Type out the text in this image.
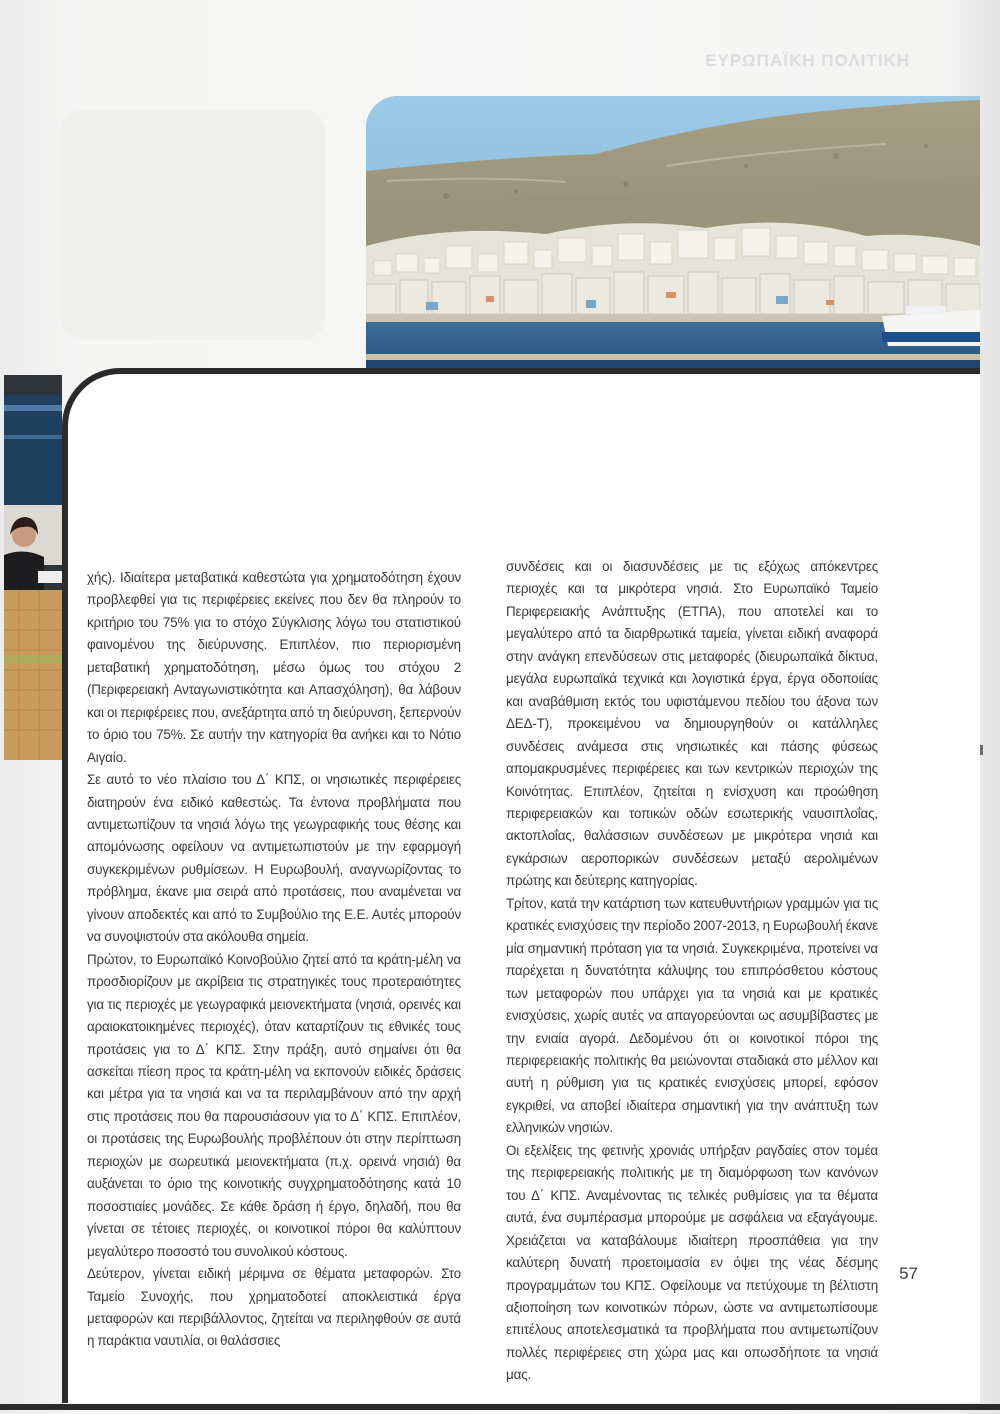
ΕΥΡΩΠΑΪΚΗ ΠΟΛΙΤΙΚΗ

χής). Ιδιαίτερα μεταβατικά καθεστώτα για χρηματοδότηση έχουν προβλεφθεί για τις περιφέρειες εκείνες που δεν θα πληρούν το κριτήριο του 75% για το στόχο Σύγκλισης λόγω του στατιστικού φαινομένου της διεύρυνσης. Επιπλέον, πιο περιορισμένη μεταβατική χρηματοδότηση, μέσω όμως του στόχου 2 (Περιφερειακή Ανταγωνιστικότητα και Απασχόληση), θα λάβουν και οι περιφέρειες που, ανεξάρτητα από τη διεύρυνση, ξεπερνούν το όριο του 75%. Σε αυτήν την κατηγορία θα ανήκει και το Νότιο Αιγαίο.

Σε αυτό το νέο πλαίσιο του Δ΄ ΚΠΣ, οι νησιωτικές περιφέρειες διατηρούν ένα ειδικό καθεστώς. Τα έντονα προβλήματα που αντιμετωπίζουν τα νησιά λόγω της γεωγραφικής τους θέσης και απομόνωσης οφείλουν να αντιμετωπιστούν με την εφαρμογή συγκεκριμένων ρυθμίσεων. Η Ευρωβουλή, αναγνωρίζοντας το πρόβλημα, έκανε μια σειρά από προτάσεις, που αναμένεται να γίνουν αποδεκτές και από το Συμβούλιο της Ε.Ε. Αυτές μπορούν να συνοψιστούν στα ακόλουθα σημεία.

Πρώτον, το Ευρωπαϊκό Κοινοβούλιο ζητεί από τα κράτη-μέλη να προσδιορίζουν με ακρίβεια τις στρατηγικές τους προτεραιότητες για τις περιοχές με γεωγραφικά μειονεκτήματα (νησιά, ορεινές και αραιοκατοικημένες περιοχές), όταν καταρτίζουν τις εθνικές τους προτάσεις για το Δ΄ ΚΠΣ. Στην πράξη, αυτό σημαίνει ότι θα ασκείται πίεση προς τα κράτη-μέλη να εκπονούν ειδικές δράσεις και μέτρα για τα νησιά και να τα περιλαμβάνουν από την αρχή στις προτάσεις που θα παρουσιάσουν για το Δ΄ ΚΠΣ. Επιπλέον, οι προτάσεις της Ευρωβουλής προβλέπουν ότι στην περίπτωση περιοχών με σωρευτικά μειονεκτήματα (π.χ. ορεινά νησιά) θα αυξάνεται το όριο της κοινοτικής συγχρηματοδότησης κατά 10 ποσοστιαίες μονάδες. Σε κάθε δράση ή έργο, δηλαδή, που θα γίνεται σε τέτοιες περιοχές, οι κοινοτικοί πόροι θα καλύπτουν μεγαλύτερο ποσοστό του συνολικού κόστους.

Δεύτερον, γίνεται ειδική μέριμνα σε θέματα μεταφορών. Στο Ταμείο Συνοχής, που χρηματοδοτεί αποκλειστικά έργα μεταφορών και περιβάλλοντος, ζητείται να περιληφθούν σε αυτά η παράκτια ναυτιλία, οι θαλάσσιες

συνδέσεις και οι διασυνδέσεις με τις εξόχως απόκεντρες περιοχές και τα μικρότερα νησιά. Στο Ευρωπαϊκό Ταμείο Περιφερειακής Ανάπτυξης (ΕΤΠΑ), που αποτελεί και το μεγαλύτερο από τα διαρθρωτικά ταμεία, γίνεται ειδική αναφορά στην ανάγκη επενδύσεων στις μεταφορές (διευρωπαϊκά δίκτυα, μεγάλα ευρωπαϊκά τεχνικά και λογιστικά έργα, έργα οδοποιίας και αναβάθμιση εκτός του υφιστάμενου πεδίου του άξονα των ΔΕΔ-Τ), προκειμένου να δημιουργηθούν οι κατάλληλες συνδέσεις ανάμεσα στις νησιωτικές και πάσης φύσεως απομακρυσμένες περιφέρειες και των κεντρικών περιοχών της Κοινότητας. Επιπλέον, ζητείται η ενίσχυση και προώθηση περιφερειακών και τοπικών οδών εσωτερικής ναυσιπλοΐας, ακτοπλοΐας, θαλάσσιων συνδέσεων με μικρότερα νησιά και εγκάρσιων αεροπορικών συνδέσεων μεταξύ αερολιμένων πρώτης και δεύτερης κατηγορίας.

Τρίτον, κατά την κατάρτιση των κατευθυντήριων γραμμών για τις κρατικές ενισχύσεις την περίοδο 2007-2013, η Ευρωβουλή έκανε μία σημαντική πρόταση για τα νησιά. Συγκεκριμένα, προτείνει να παρέχεται η δυνατότητα κάλυψης του επιπρόσθετου κόστους των μεταφορών που υπάρχει για τα νησιά και με κρατικές ενισχύσεις, χωρίς αυτές να απαγορεύονται ως ασυμβίβαστες με την ενιαία αγορά. Δεδομένου ότι οι κοινοτικοί πόροι της περιφερειακής πολιτικής θα μειώνονται σταδιακά στο μέλλον και αυτή η ρύθμιση για τις κρατικές ενισχύσεις μπορεί, εφόσον εγκριθεί, να αποβεί ιδιαίτερα σημαντική για την ανάπτυξη των ελληνικών νησιών.

Οι εξελίξεις της φετινής χρονιάς υπήρξαν ραγδαίες στον τομέα της περιφερειακής πολιτικής με τη διαμόρφωση των κανόνων του Δ΄ ΚΠΣ. Αναμένοντας τις τελικές ρυθμίσεις για τα θέματα αυτά, ένα συμπέρασμα μπορούμε με ασφάλεια να εξαγάγουμε. Χρειάζεται να καταβάλουμε ιδιαίτερη προσπάθεια για την καλύτερη δυνατή προετοιμασία εν όψει της νέας δέσμης προγραμμάτων του ΚΠΣ. Οφείλουμε να πετύχουμε τη βέλτιστη αξιοποίηση των κοινοτικών πόρων, ώστε να αντιμετωπίσουμε επιτέλους αποτελεσματικά τα προβλήματα που αντιμετωπίζουν πολλές περιφέρειες στη χώρα μας και οπωσδήποτε τα νησιά μας.

57
